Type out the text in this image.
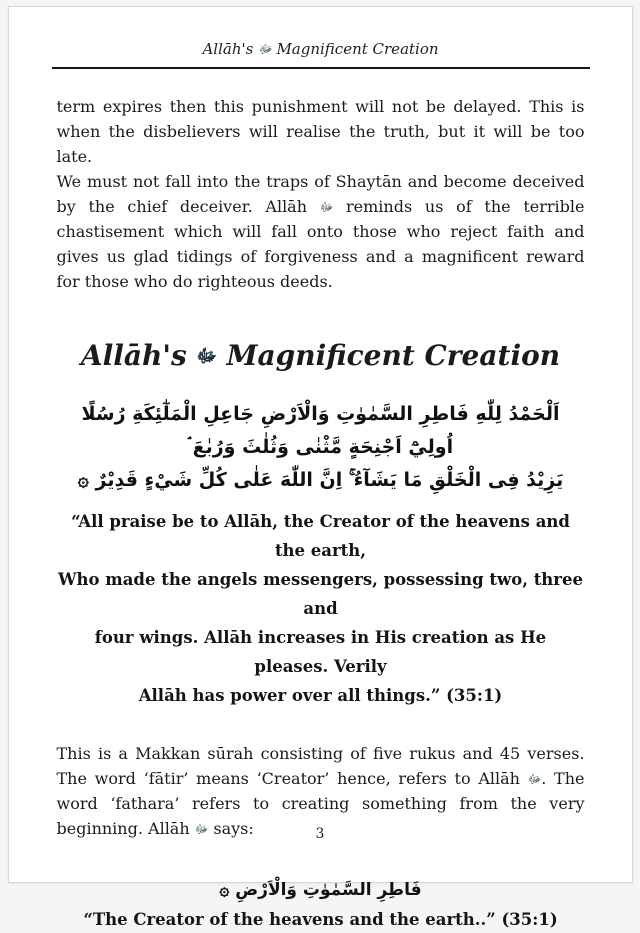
Allāh's ﷻ Magnificent Creation

term expires then this punishment will not be delayed. This is when the disbelievers will realise the truth, but it will be too late.

We must not fall into the traps of Shaytān and become deceived by the chief deceiver. Allāh ﷻ reminds us of the terrible chastisement which will fall onto those who reject faith and gives us glad tidings of forgiveness and a magnificent reward for those who do righteous deeds.

Allāh's ﷻ Magnificent Creation
اَلْحَمْدُ لِلّٰهِ فَاطِرِ السَّمٰوٰتِ وَالْاَرْضِ جَاعِلِ الْمَلٰٓئِكَةِ رُسُلًا اُولِيْٓ اَجْنِحَةٍ مَّثْنٰى وَثُلٰثَ وَرُبٰعَ ۘ
يَزِيْدُ فِى الْخَلْقِ مَا يَشَآءُ ۚ اِنَّ اللّٰهَ عَلٰى كُلِّ شَيْءٍ قَدِيْرٌ ۞
“All praise be to Allāh, the Creator of the heavens and the earth,
Who made the angels messengers, possessing two, three and
four wings. Allāh increases in His creation as He pleases. Verily
Allāh has power over all things.” (35:1)

This is a Makkan sūrah consisting of five rukus and 45 verses. The word ‘fātir’ means ‘Creator’ hence, refers to Allāh ﷻ. The word ‘fathara’ refers to creating something from the very beginning. Allāh ﷻ says:

فَاطِرِ السَّمٰوٰتِ وَالْاَرْضِ ۞
“The Creator of the heavens and the earth..” (35:1)
3
